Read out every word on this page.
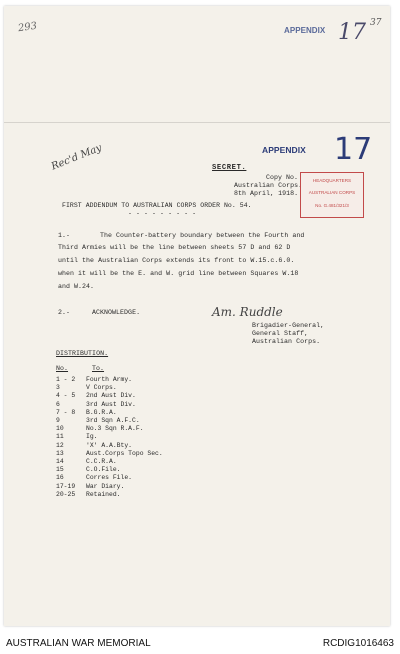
293	APPENDIX 17 37
APPENDIX 17
Rec'd May	SECRET.
Copy No.
Australian Corps.
8th April, 1918.
HEADQUARTERS
AUSTRALIAN CORPS
No. G.481/321/3
FIRST ADDENDUM TO AUSTRALIAN CORPS ORDER No. 54.
- - - - - - - - -
1.-	The Counter-battery boundary between the Fourth and
Third Armies will be the line between sheets 57 D and 62 D
until the Australian Corps extends its front to W.15.c.6.0.
when it will be the E. and W. grid line between Squares W.18
and W.24.
2.-	ACKNOWLEDGE.	Am. Ruddle
Brigadier-General,
General Staff,
Australian Corps.
DISTRIBUTION.
No.	To.
1 - 2 Fourth Army.
3	V Corps.
4 - 5 2nd Aust Div.
6	3rd Aust Div.
7 - 8 B.G.R.A.
9	3rd Sqn A.F.C.
10	No.3 Sqn R.A.F.
11	Ig.
12	'X' A.A.Bty.
13	Aust.Corps Topo Sec.
14	C.C.R.A.
15	C.O.File.
16	Corres File.
17-19 War Diary.
20-25 Retained.
AUSTRALIAN WAR MEMORIAL	RCDIG1016463
